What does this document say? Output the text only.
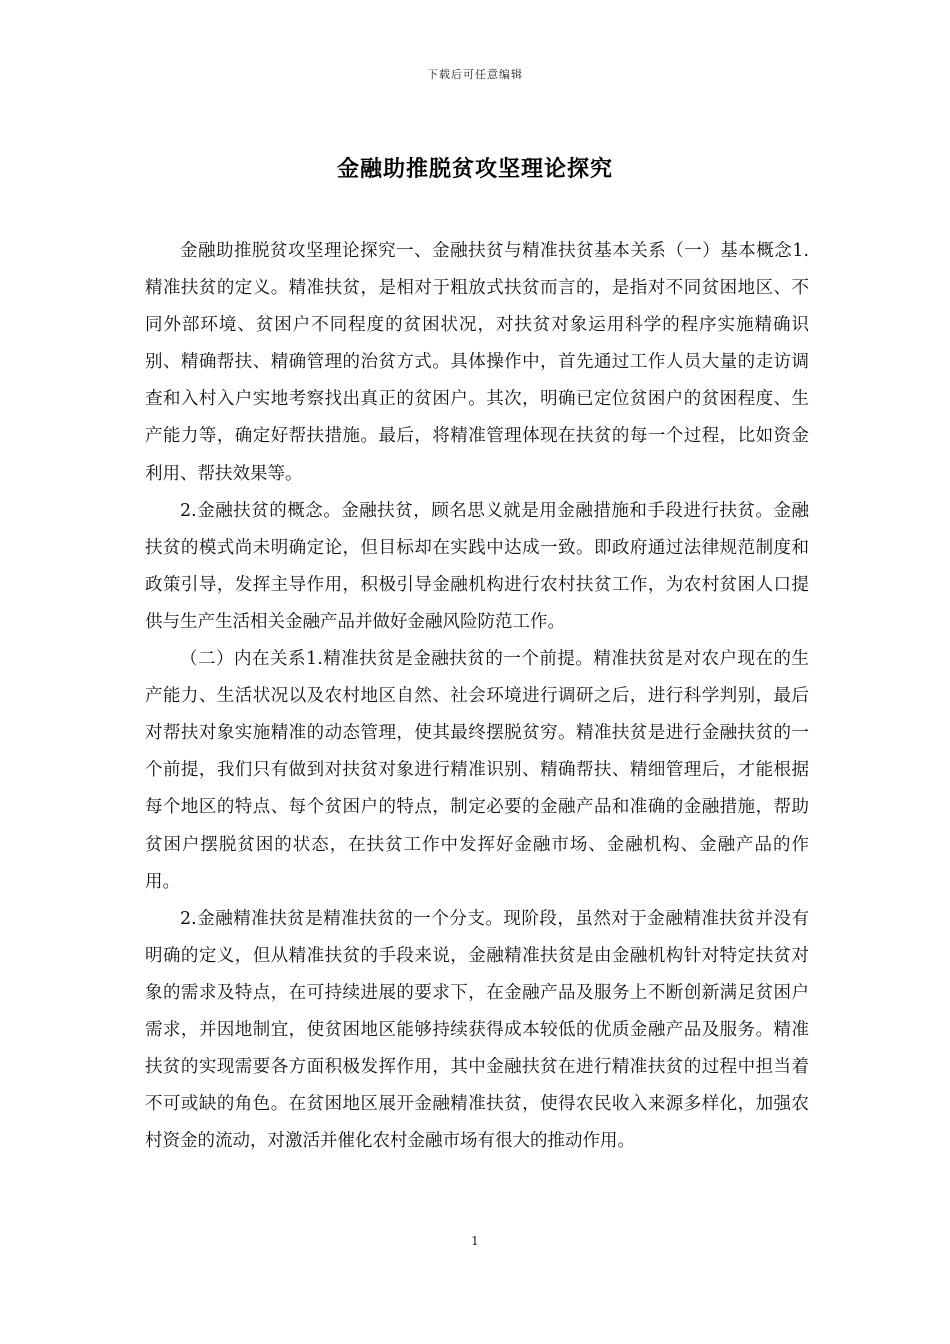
下载后可任意编辑
金融助推脱贫攻坚理论探究

金融助推脱贫攻坚理论探究一、金融扶贫与精准扶贫基本关系（一）基本概念1.精准扶贫的定义。精准扶贫，是相对于粗放式扶贫而言的，是指对不同贫困地区、不同外部环境、贫困户不同程度的贫困状况，对扶贫对象运用科学的程序实施精确识别、精确帮扶、精确管理的治贫方式。具体操作中，首先通过工作人员大量的走访调查和入村入户实地考察找出真正的贫困户。其次，明确已定位贫困户的贫困程度、生产能力等，确定好帮扶措施。最后，将精准管理体现在扶贫的每一个过程，比如资金利用、帮扶效果等。

2.金融扶贫的概念。金融扶贫，顾名思义就是用金融措施和手段进行扶贫。金融扶贫的模式尚未明确定论，但目标却在实践中达成一致。即政府通过法律规范制度和政策引导，发挥主导作用，积极引导金融机构进行农村扶贫工作，为农村贫困人口提供与生产生活相关金融产品并做好金融风险防范工作。

（二）内在关系1.精准扶贫是金融扶贫的一个前提。精准扶贫是对农户现在的生产能力、生活状况以及农村地区自然、社会环境进行调研之后，进行科学判别，最后对帮扶对象实施精准的动态管理，使其最终摆脱贫穷。精准扶贫是进行金融扶贫的一个前提，我们只有做到对扶贫对象进行精准识别、精确帮扶、精细管理后，才能根据每个地区的特点、每个贫困户的特点，制定必要的金融产品和准确的金融措施，帮助贫困户摆脱贫困的状态，在扶贫工作中发挥好金融市场、金融机构、金融产品的作用。

2.金融精准扶贫是精准扶贫的一个分支。现阶段，虽然对于金融精准扶贫并没有明确的定义，但从精准扶贫的手段来说，金融精准扶贫是由金融机构针对特定扶贫对象的需求及特点，在可持续进展的要求下，在金融产品及服务上不断创新满足贫困户需求，并因地制宜，使贫困地区能够持续获得成本较低的优质金融产品及服务。精准扶贫的实现需要各方面积极发挥作用，其中金融扶贫在进行精准扶贫的过程中担当着不可或缺的角色。在贫困地区展开金融精准扶贫，使得农民收入来源多样化，加强农村资金的流动，对激活并催化农村金融市场有很大的推动作用。

1
